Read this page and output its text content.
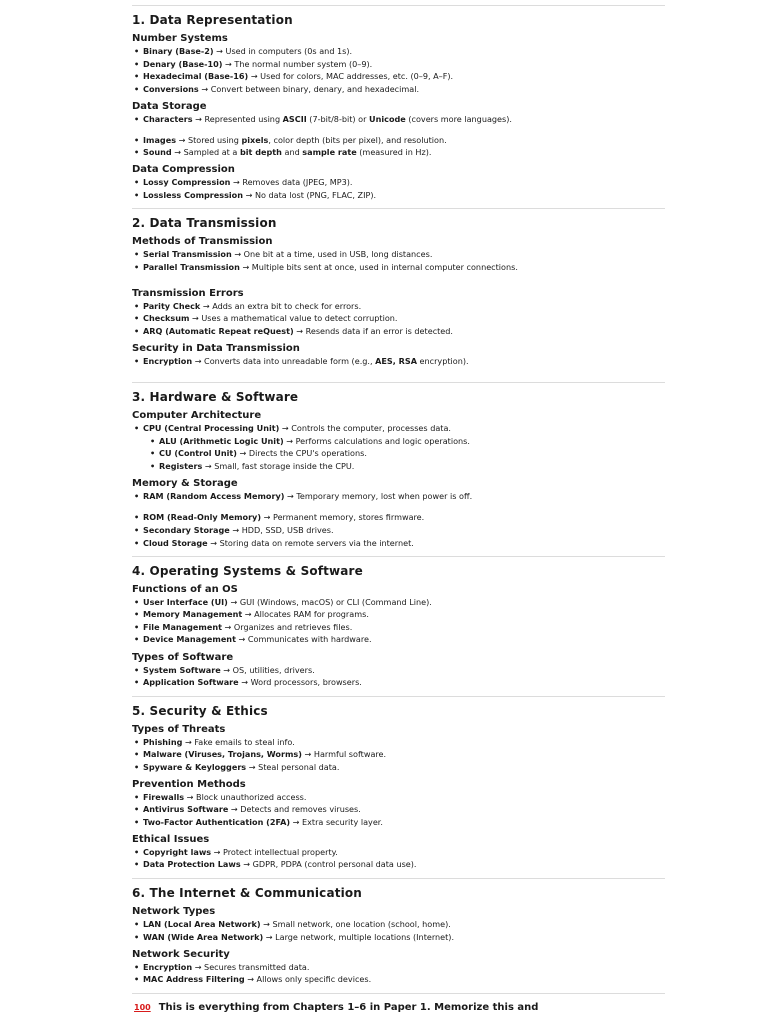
1. Data Representation
Number Systems
• Binary (Base-2) → Used in computers (0s and 1s).
• Denary (Base-10) → The normal number system (0–9).
• Hexadecimal (Base-16) → Used for colors, MAC addresses, etc. (0–9, A–F).
• Conversions → Convert between binary, denary, and hexadecimal.
Data Storage
• Characters → Represented using ASCII (7-bit/8-bit) or Unicode (covers more languages).
• Images → Stored using pixels, color depth (bits per pixel), and resolution.
• Sound → Sampled at a bit depth and sample rate (measured in Hz).
Data Compression
• Lossy Compression → Removes data (JPEG, MP3).
• Lossless Compression → No data lost (PNG, FLAC, ZIP).
2. Data Transmission
Methods of Transmission
• Serial Transmission → One bit at a time, used in USB, long distances.
• Parallel Transmission → Multiple bits sent at once, used in internal computer connections.
Transmission Errors
• Parity Check → Adds an extra bit to check for errors.
• Checksum → Uses a mathematical value to detect corruption.
• ARQ (Automatic Repeat reQuest) → Resends data if an error is detected.
Security in Data Transmission
• Encryption → Converts data into unreadable form (e.g., AES, RSA encryption).
3. Hardware & Software
Computer Architecture
• CPU (Central Processing Unit) → Controls the computer, processes data.
• ALU (Arithmetic Logic Unit) → Performs calculations and logic operations.
• CU (Control Unit) → Directs the CPU's operations.
• Registers → Small, fast storage inside the CPU.
Memory & Storage
• RAM (Random Access Memory) → Temporary memory, lost when power is off.
• ROM (Read-Only Memory) → Permanent memory, stores firmware.
• Secondary Storage → HDD, SSD, USB drives.
• Cloud Storage → Storing data on remote servers via the internet.
4. Operating Systems & Software
Functions of an OS
• User Interface (UI) → GUI (Windows, macOS) or CLI (Command Line).
• Memory Management → Allocates RAM for programs.
• File Management → Organizes and retrieves files.
• Device Management → Communicates with hardware.
Types of Software
• System Software → OS, utilities, drivers.
• Application Software → Word processors, browsers.
5. Security & Ethics
Types of Threats
• Phishing → Fake emails to steal info.
• Malware (Viruses, Trojans, Worms) → Harmful software.
• Spyware & Keyloggers → Steal personal data.
Prevention Methods
• Firewalls → Block unauthorized access.
• Antivirus Software → Detects and removes viruses.
• Two-Factor Authentication (2FA) → Extra security layer.
Ethical Issues
• Copyright laws → Protect intellectual property.
• Data Protection Laws → GDPR, PDPA (control personal data use).
6. The Internet & Communication
Network Types
• LAN (Local Area Network) → Small network, one location (school, home).
• WAN (Wide Area Network) → Large network, multiple locations (Internet).
Network Security
• Encryption → Secures transmitted data.
• MAC Address Filtering → Allows only specific devices.
100 This is everything from Chapters 1–6 in Paper 1. Memorize this and
